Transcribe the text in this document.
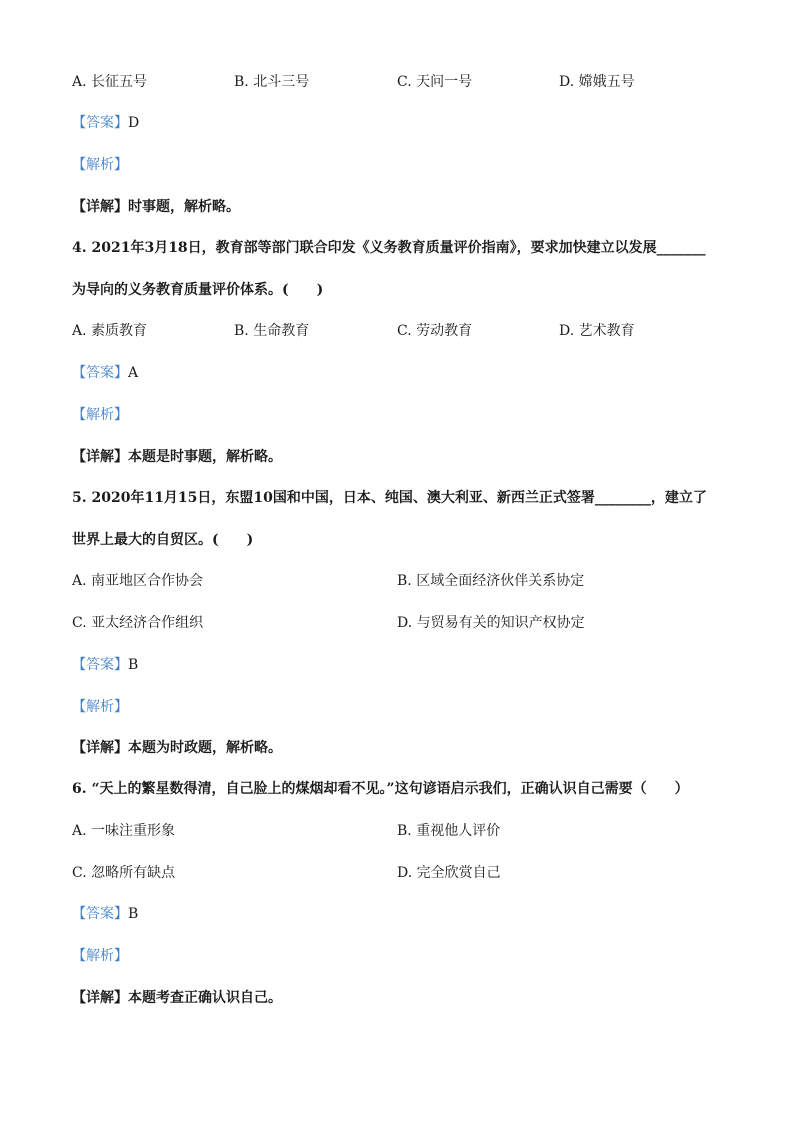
A. 长征五号	B. 北斗三号	C. 天问一号	D. 嫦娥五号
【答案】D
【解析】
【详解】时事题，解析略。
4. 2021年3月18日，教育部等部门联合印发《义务教育质量评价指南》，要求加快建立以发展_______
为导向的义务教育质量评价体系。(　　)
A. 素质教育	B. 生命教育	C. 劳动教育	D. 艺术教育
【答案】A
【解析】
【详解】本题是时事题，解析略。
5. 2020年11月15日，东盟10国和中国，日本、纯国、澳大利亚、新西兰正式签署________，建立了
世界上最大的自贸区。(　　)
A. 南亚地区合作协会	B. 区域全面经济伙伴关系协定
C. 亚太经济合作组织	D. 与贸易有关的知识产权协定
【答案】B
【解析】
【详解】本题为时政题，解析略。
6. “天上的繁星数得清，自己脸上的煤烟却看不见。”这句谚语启示我们，正确认识自己需要（　　）
A. 一味注重形象	B. 重视他人评价
C. 忽略所有缺点	D. 完全欣赏自己
【答案】B
【解析】
【详解】本题考查正确认识自己。
